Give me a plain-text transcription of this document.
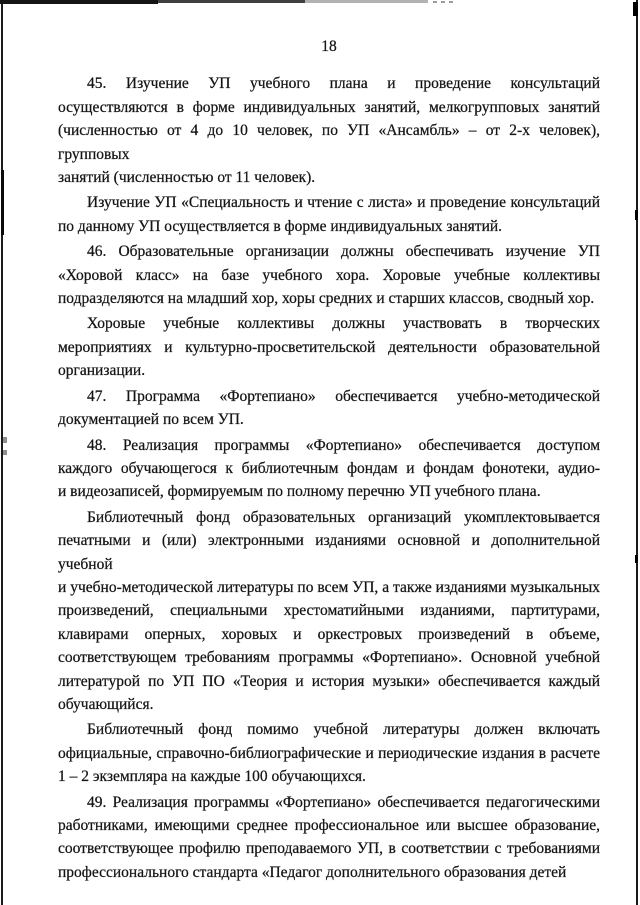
18
45. Изучение УП учебного плана и проведение консультаций
осуществляются в форме индивидуальных занятий, мелкогрупповых занятий
(численностью от 4 до 10 человек, по УП «Ансамбль» – от 2-х человек), групповых
занятий (численностью от 11 человек).
Изучение УП «Специальность и чтение с листа» и проведение консультаций
по данному УП осуществляется в форме индивидуальных занятий.
46. Образовательные организации должны обеспечивать изучение УП
«Хоровой класс» на базе учебного хора. Хоровые учебные коллективы
подразделяются на младший хор, хоры средних и старших классов, сводный хор.
Хоровые учебные коллективы должны участвовать в творческих
мероприятиях и культурно-просветительской деятельности образовательной
организации.
47. Программа «Фортепиано» обеспечивается учебно-методической
документацией по всем УП.
48. Реализация программы «Фортепиано» обеспечивается доступом
каждого обучающегося к библиотечным фондам и фондам фонотеки, аудио-
и видеозаписей, формируемым по полному перечню УП учебного плана.
Библиотечный фонд образовательных организаций укомплектовывается
печатными и (или) электронными изданиями основной и дополнительной учебной
и учебно-методической литературы по всем УП, а также изданиями музыкальных
произведений, специальными хрестоматийными изданиями, партитурами,
клавирами оперных, хоровых и оркестровых произведений в объеме,
соответствующем требованиям программы «Фортепиано». Основной учебной
литературой по УП ПО «Теория и история музыки» обеспечивается каждый
обучающийся.
Библиотечный фонд помимо учебной литературы должен включать
официальные, справочно-библиографические и периодические издания в расчете
1 – 2 экземпляра на каждые 100 обучающихся.
49. Реализация программы «Фортепиано» обеспечивается педагогическими
работниками, имеющими среднее профессиональное или высшее образование,
соответствующее профилю преподаваемого УП, в соответствии с требованиями
профессионального стандарта «Педагог дополнительного образования детей
